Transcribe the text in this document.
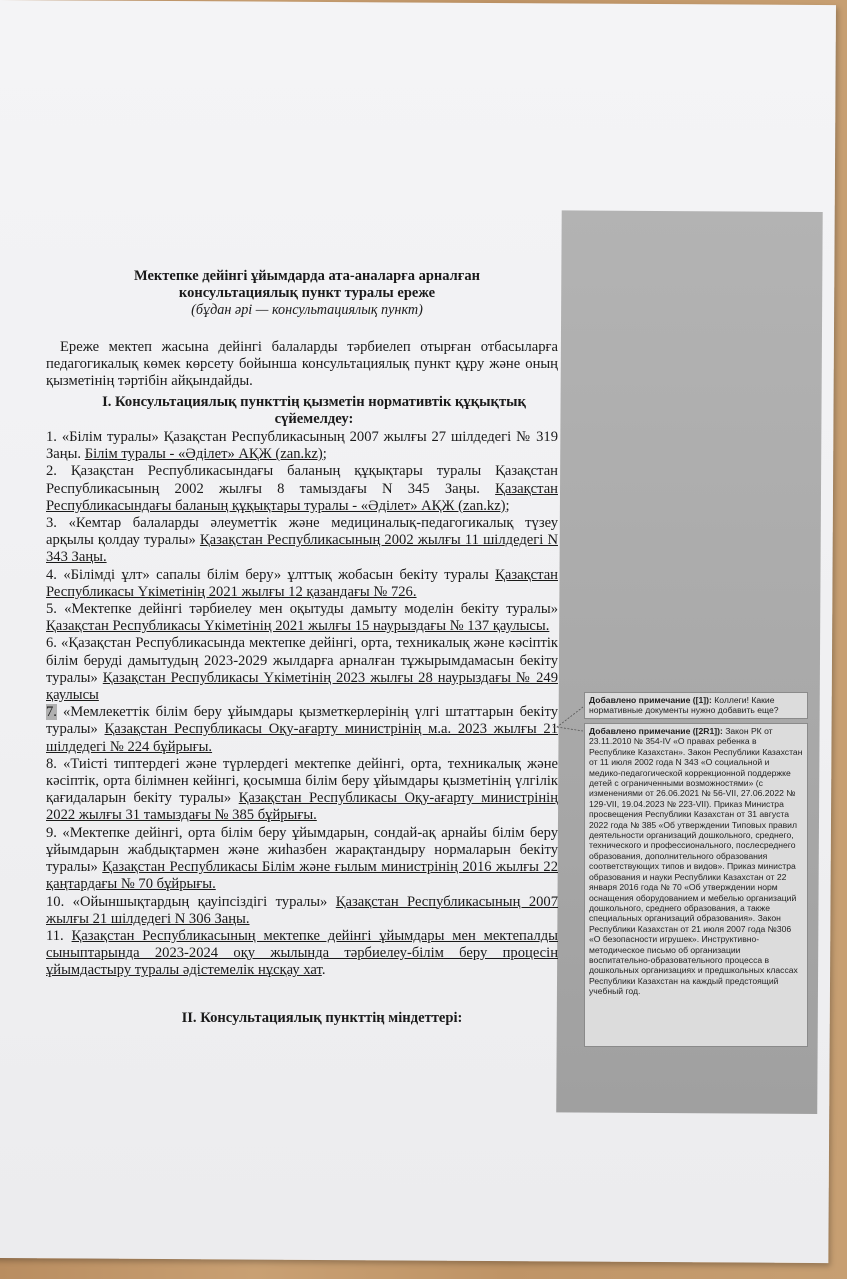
Мектепке дейінгі ұйымдарда ата-аналарға арналған
консультациялық пункт туралы ереже
(бұдан әрі — консультациялық пункт)

Ереже мектеп жасына дейінгі балаларды тәрбиелеп отырған отбасыларға педагогикалық көмек көрсету бойынша консультациялық пункт құру және оның қызметінің тәртібін айқындайды.

I. Консультациялық пункттің қызметін нормативтік құқықтық сүйемелдеу:

1. «Білім туралы» Қазақстан Республикасының 2007 жылғы 27 шілдедегі № 319 Заңы. Білім туралы - «Әділет» АҚЖ (zan.kz);

2. Қазақстан Республикасындағы баланың құқықтары туралы Қазақстан Республикасының 2002 жылғы 8 тамыздағы N 345 Заңы. Қазақстан Республикасындағы баланың құқықтары туралы - «Әділет» АҚЖ (zan.kz);

3. «Кемтар балаларды әлеуметтік және медициналық-педагогикалық түзеу арқылы қолдау туралы» Қазақстан Республикасының 2002 жылғы 11 шілдедегі N 343 Заңы.

4. «Білімді ұлт» сапалы білім беру» ұлттық жобасын бекіту туралы Қазақстан Республикасы Үкіметінің 2021 жылғы 12 қазандағы № 726.

5. «Мектепке дейінгі тәрбиелеу мен оқытуды дамыту моделін бекіту туралы» Қазақстан Республикасы Үкіметінің 2021 жылғы 15 наурыздағы № 137 қаулысы.

6. «Қазақстан Республикасында мектепке дейінгі, орта, техникалық және кәсіптік білім беруді дамытудың 2023-2029 жылдарға арналған тұжырымдамасын бекіту туралы» Қазақстан Республикасы Үкіметінің 2023 жылғы 28 наурыздағы № 249 қаулысы

7. «Мемлекеттік білім беру ұйымдары қызметкерлерінің үлгі штаттарын бекіту туралы» Қазақстан Республикасы Оқу-ағарту министрінің м.а. 2023 жылғы 21 шілдедегі № 224 бұйрығы.

8. «Тиісті типтердегі және түрлердегі мектепке дейінгі, орта, техникалық және кәсіптік, орта білімнен кейінгі, қосымша білім беру ұйымдары қызметінің үлгілік қағидаларын бекіту туралы» Қазақстан Республикасы Оқу-ағарту министрінің 2022 жылғы 31 тамыздағы № 385 бұйрығы.

9. «Мектепке дейінгі, орта білім беру ұйымдарын, сондай-ақ арнайы білім беру ұйымдарын жабдықтармен және жиһазбен жарақтандыру нормаларын бекіту туралы» Қазақстан Республикасы Білім және ғылым министрінің 2016 жылғы 22 қаңтардағы № 70 бұйрығы.

10. «Ойыншықтардың қауіпсіздігі туралы» Қазақстан Республикасының 2007 жылғы 21 шілдедегі N 306 Заңы.

11. Қазақстан Республикасының мектепке дейінгі ұйымдары мен мектепалды сыныптарында 2023-2024 оқу жылында тәрбиелеу-білім беру процесін ұйымдастыру туралы әдістемелік нұсқау хат.

II. Консультациялық пункттің міндеттері:
Добавлено примечание ([1]): Коллеги! Какие нормативные документы нужно добавить еще?
Добавлено примечание ([2R1]): Закон РК от 23.11.2010 № 354-IV «О правах ребенка в Республике Казахстан». Закон Республики Казахстан от 11 июля 2002 года N 343 «О социальной и медико-педагогической коррекционной поддержке детей с ограниченными возможностями» (с изменениями от 26.06.2021 № 56-VII, 27.06.2022 № 129-VII, 19.04.2023 № 223-VII). Приказ Министра просвещения Республики Казахстан от 31 августа 2022 года № 385 «Об утверждении Типовых правил деятельности организаций дошкольного, среднего, технического и профессионального, послесреднего образования, дополнительного образования соответствующих типов и видов». Приказ министра образования и науки Республики Казахстан от 22 января 2016 года № 70 «Об утверждении норм оснащения оборудованием и мебелью организаций дошкольного, среднего образования, а также специальных организаций образования». Закон Республики Казахстан от 21 июля 2007 года №306 «О безопасности игрушек». Инструктивно-методическое письмо об организации воспитательно-образовательного процесса в дошкольных организациях и предшкольных классах Республики Казахстан на каждый предстоящий учебный год.
